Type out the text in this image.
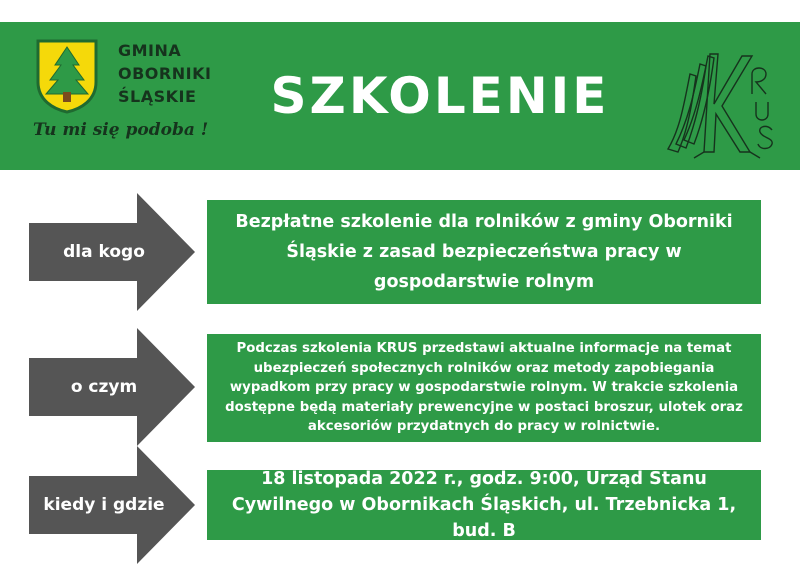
GMINA
OBORNIKI
ŚLĄSKIE
Tu mi się podoba !
SZKOLENIE
dla kogo
Bezpłatne szkolenie dla rolników z gminy Oborniki Śląskie z zasad bezpieczeństwa pracy w gospodarstwie rolnym
o czym
Podczas szkolenia KRUS przedstawi aktualne informacje na temat ubezpieczeń społecznych rolników oraz metody zapobiegania wypadkom przy pracy w gospodarstwie rolnym. W trakcie szkolenia dostępne będą materiały prewencyjne w postaci broszur, ulotek oraz akcesoriów przydatnych do pracy w rolnictwie.
kiedy i gdzie
18 listopada 2022 r., godz. 9:00, Urząd Stanu Cywilnego w Obornikach Śląskich, ul. Trzebnicka 1, bud. B
